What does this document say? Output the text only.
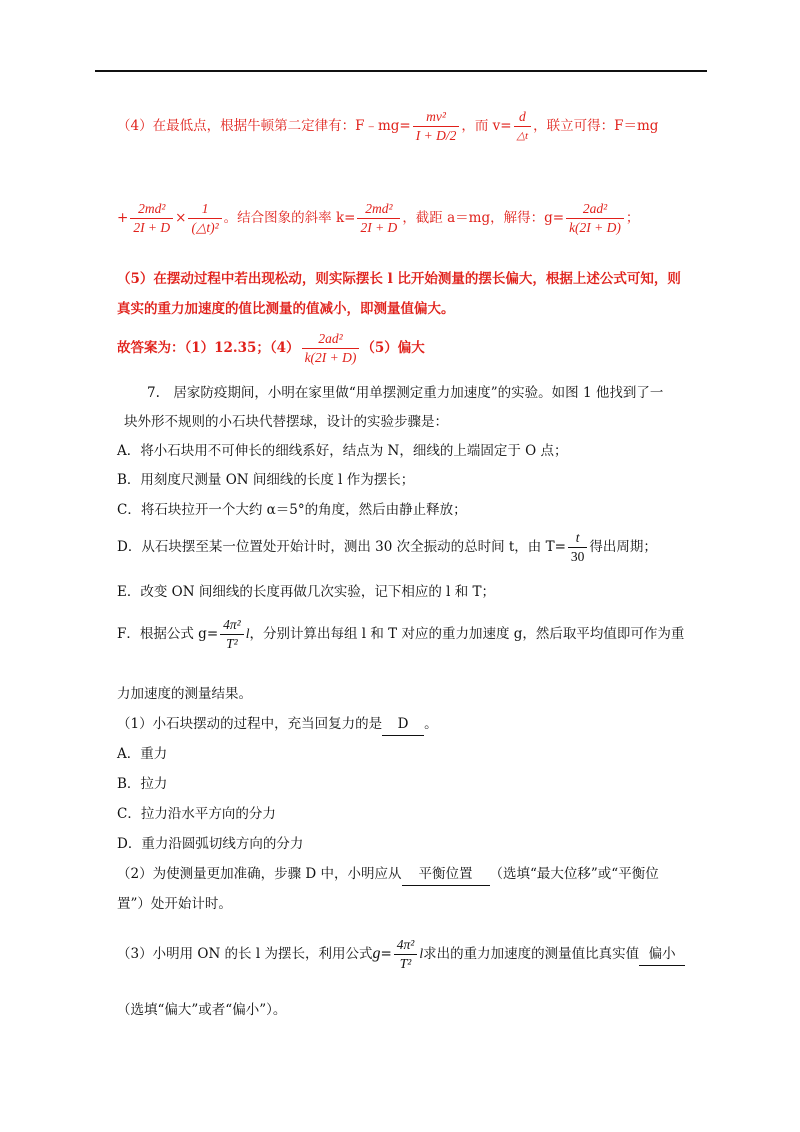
（4）在最低点，根据牛顿第二定律有：F﹣mg= $\frac{\text{mv²}}{I + D/2}$ ，而 $v= \frac{d}{\triangle t}$ ，联立可得：F＝mg
+ $\frac{\text{2md²}}{2I + D} \times \frac{1}{\text{(△t)²}}$ 。结合图象的斜率 $k= \frac{\text{2md²}}{2I + D}$ ，截距 a＝mg，解得：$g= \frac{\text{2ad²}}{k(2I + D)}$ ；
（5）在摆动过程中若出现松动，则实际摆长 l 比开始测量的摆长偏大，根据上述公式可知，则
真实的重力加速度的值比测量的值减小，即测量值偏大。
故答案为：（1）12.35；$(4) \frac{\text{2ad²}}{k(2I + D)} (5)$偏大
7.　居家防疫期间，小明在家里做“用单摆测定重力加速度”的实验。如图 1 他找到了一
块外形不规则的小石块代替摆球，设计的实验步骤是：
A．将小石块用不可伸长的细线系好，结点为 N，细线的上端固定于 O 点；
B．用刻度尺测量 ON 间细线的长度 l 作为摆长；
C．将石块拉开一个大约 α＝5°的角度，然后由静止释放；
D．从石块摆至某一位置处开始计时，测出 30 次全振动的总时间 t，由 $T= \frac{t}{30}$ 得出周期；
E．改变 ON 间细线的长度再做几次实验，记下相应的 l 和 T；
F．根据公式 $g= \frac{\text{4π²}}{\text{T²}}$ l，分别计算出每组 l 和 T 对应的重力加速度 g，然后取平均值即可作为重
力加速度的测量结果。
（1）小石块摆动的过程中，充当回复力的是 D 。
A．重力
B．拉力
C．拉力沿水平方向的分力
D．重力沿圆弧切线方向的分力
（2）为使测量更加准确，步骤 D 中，小明应从 平衡位置 （选填“最大位移”或“平衡位
置”）处开始计时。
（3）小明用 ON 的长 l 为摆长，利用公式$g= \frac{\text{4π²}}{\text{T²}}$ l求出的重力加速度的测量值比真实值 偏小
（选填“偏大”或者“偏小”）。
